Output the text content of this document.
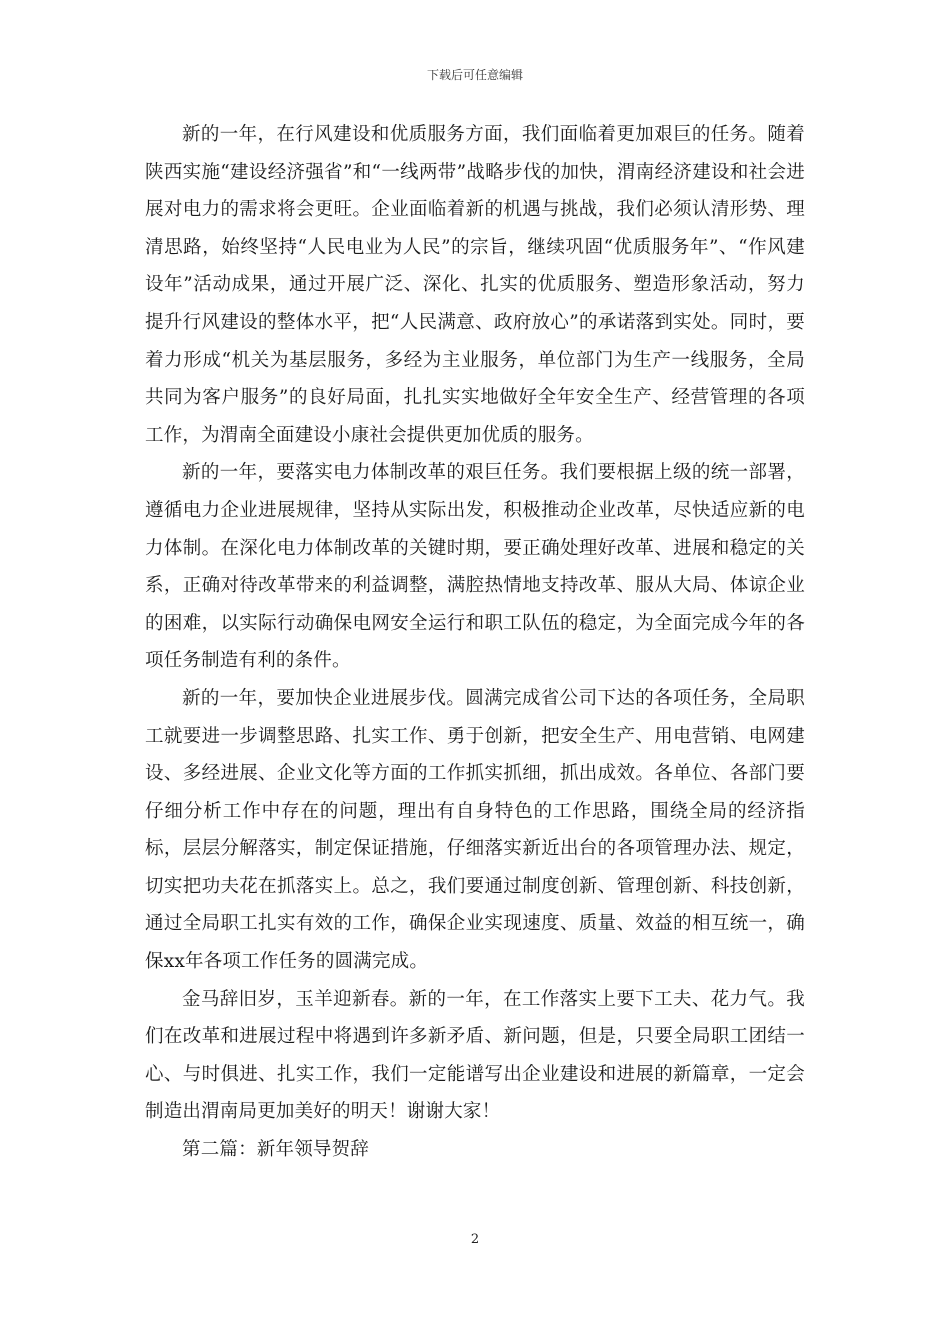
下载后可任意编辑

新的一年，在行风建设和优质服务方面，我们面临着更加艰巨的任务。随着陕西实施“建设经济强省”和“一线两带”战略步伐的加快，渭南经济建设和社会进展对电力的需求将会更旺。企业面临着新的机遇与挑战，我们必须认清形势、理清思路，始终坚持“人民电业为人民”的宗旨，继续巩固“优质服务年”、“作风建设年”活动成果，通过开展广泛、深化、扎实的优质服务、塑造形象活动，努力提升行风建设的整体水平，把“人民满意、政府放心”的承诺落到实处。同时，要着力形成“机关为基层服务，多经为主业服务，单位部门为生产一线服务，全局共同为客户服务”的良好局面，扎扎实实地做好全年安全生产、经营管理的各项工作，为渭南全面建设小康社会提供更加优质的服务。

新的一年，要落实电力体制改革的艰巨任务。我们要根据上级的统一部署，遵循电力企业进展规律，坚持从实际出发，积极推动企业改革，尽快适应新的电力体制。在深化电力体制改革的关键时期，要正确处理好改革、进展和稳定的关系，正确对待改革带来的利益调整，满腔热情地支持改革、服从大局、体谅企业的困难，以实际行动确保电网安全运行和职工队伍的稳定，为全面完成今年的各项任务制造有利的条件。

新的一年，要加快企业进展步伐。圆满完成省公司下达的各项任务，全局职工就要进一步调整思路、扎实工作、勇于创新，把安全生产、用电营销、电网建设、多经进展、企业文化等方面的工作抓实抓细，抓出成效。各单位、各部门要仔细分析工作中存在的问题，理出有自身特色的工作思路，围绕全局的经济指标，层层分解落实，制定保证措施，仔细落实新近出台的各项管理办法、规定，切实把功夫花在抓落实上。总之，我们要通过制度创新、管理创新、科技创新，通过全局职工扎实有效的工作，确保企业实现速度、质量、效益的相互统一，确保xx年各项工作任务的圆满完成。

金马辞旧岁，玉羊迎新春。新的一年，在工作落实上要下工夫、花力气。我们在改革和进展过程中将遇到许多新矛盾、新问题，但是，只要全局职工团结一心、与时俱进、扎实工作，我们一定能谱写出企业建设和进展的新篇章，一定会制造出渭南局更加美好的明天！谢谢大家！

第二篇：新年领导贺辞

2
